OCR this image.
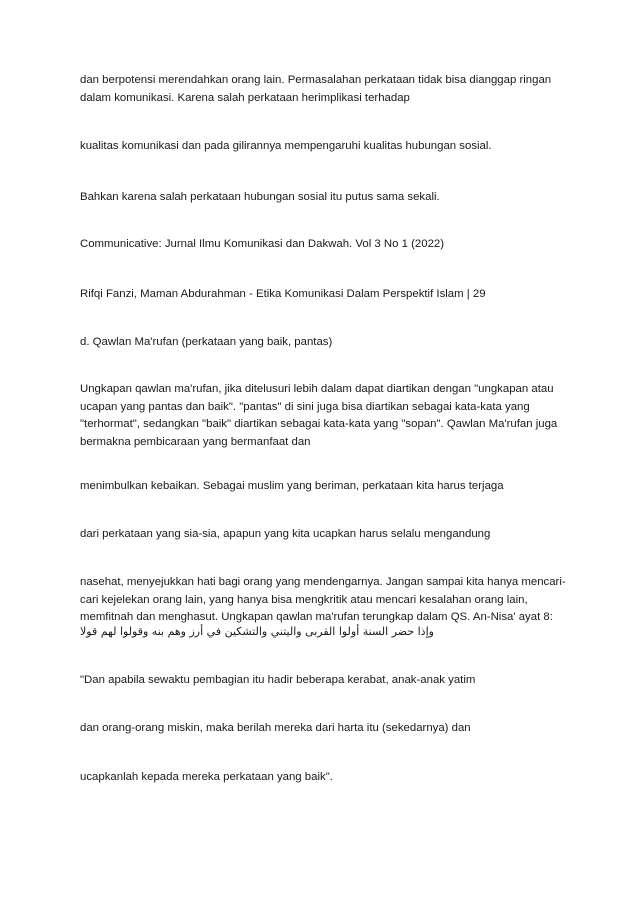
dan berpotensi merendahkan orang lain. Permasalahan perkataan tidak bisa dianggap ringan dalam komunikasi. Karena salah perkataan herimplikasi terhadap

kualitas komunikasi dan pada gilirannya mempengaruhi kualitas hubungan sosial.

Bahkan karena salah perkataan hubungan sosial itu putus sama sekali.

Communicative: Jurnal Ilmu Komunikasi dan Dakwah. Vol 3 No 1 (2022)

Rifqi Fanzi, Maman Abdurahman - Etika Komunikasi Dalam Perspektif Islam | 29

d. Qawlan Ma'rufan (perkataan yang baik, pantas)

Ungkapan qawlan ma'rufan, jika ditelusuri lebih dalam dapat diartikan dengan "ungkapan atau ucapan yang pantas dan baik". "pantas" di sini juga bisa diartikan sebagai kata-kata yang "terhormat", sedangkan "baik" diartikan sebagai kata-kata yang "sopan". Qawlan Ma'rufan juga bermakna pembicaraan yang bermanfaat dan

menimbulkan kebaikan. Sebagai muslim yang beriman, perkataan kita harus terjaga

dari perkataan yang sia-sia, apapun yang kita ucapkan harus selalu mengandung

nasehat, menyejukkan hati bagi orang yang mendengarnya. Jangan sampai kita hanya mencari-cari kejelekan orang lain, yang hanya bisa mengkritik atau mencari kesalahan orang lain, memfitnah dan menghasut. Ungkapan qawlan ma'rufan terungkap dalam QS. An-Nisa' ayat 8:

وإذا حضر السنة أولوا القربى واليتني والتشكين في أرز وهم بنه وقولوا لهم قولا

"Dan apabila sewaktu pembagian itu hadir beberapa kerabat, anak-anak yatim

dan orang-orang miskin, maka berilah mereka dari harta itu (sekedarnya) dan

ucapkanlah kepada mereka perkataan yang baik".
